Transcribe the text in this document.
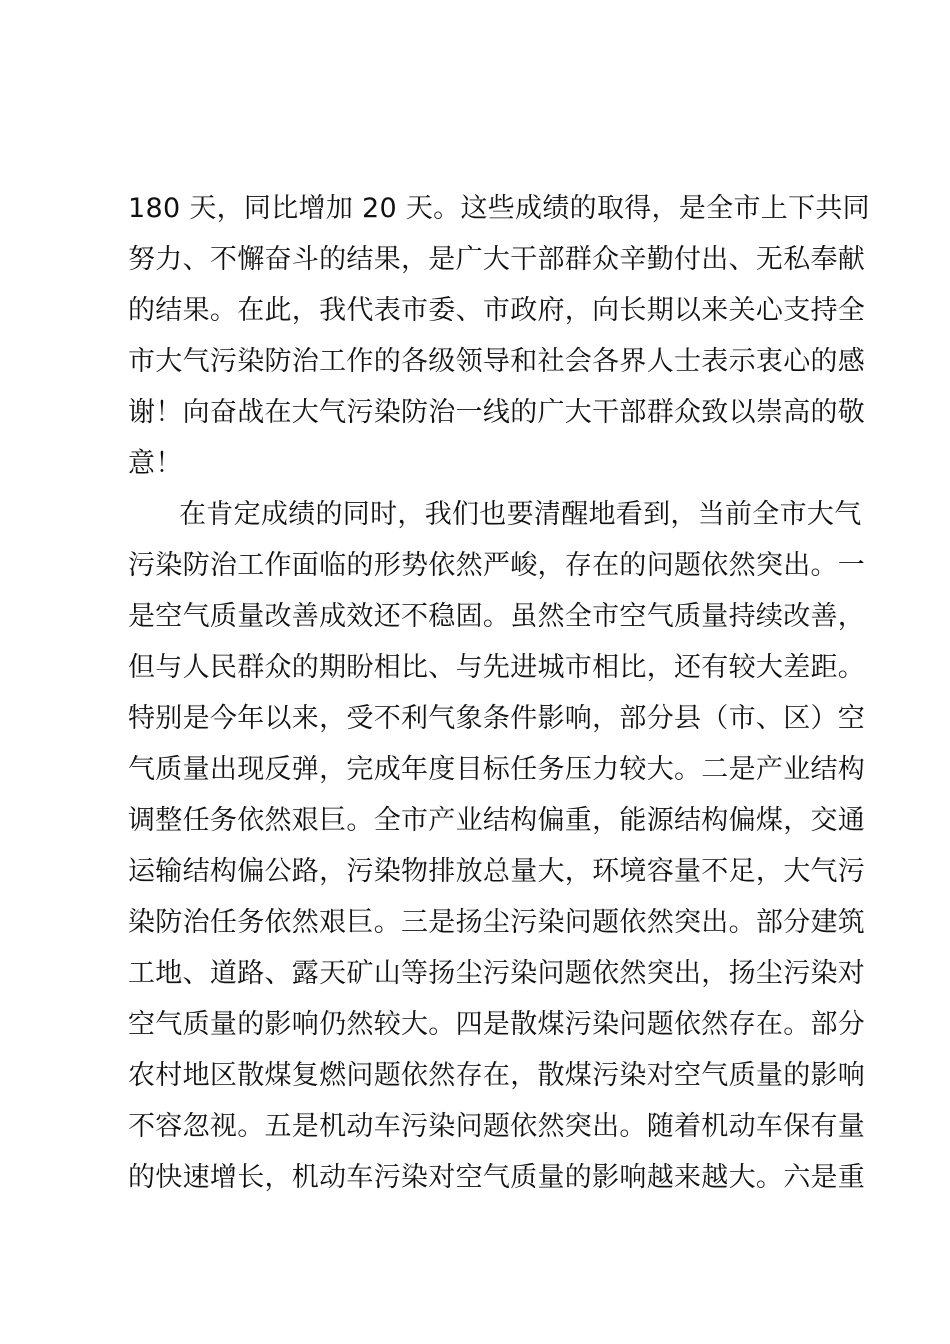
180 天，同比增加 20 天。这些成绩的取得，是全市上下共同
努力、不懈奋斗的结果，是广大干部群众辛勤付出、无私奉献
的结果。在此，我代表市委、市政府，向长期以来关心支持全
市大气污染防治工作的各级领导和社会各界人士表示衷心的感
谢！向奋战在大气污染防治一线的广大干部群众致以崇高的敬
意！
在肯定成绩的同时，我们也要清醒地看到，当前全市大气
污染防治工作面临的形势依然严峻，存在的问题依然突出。一
是空气质量改善成效还不稳固。虽然全市空气质量持续改善，
但与人民群众的期盼相比、与先进城市相比，还有较大差距。
特别是今年以来，受不利气象条件影响，部分县（市、区）空
气质量出现反弹，完成年度目标任务压力较大。二是产业结构
调整任务依然艰巨。全市产业结构偏重，能源结构偏煤，交通
运输结构偏公路，污染物排放总量大，环境容量不足，大气污
染防治任务依然艰巨。三是扬尘污染问题依然突出。部分建筑
工地、道路、露天矿山等扬尘污染问题依然突出，扬尘污染对
空气质量的影响仍然较大。四是散煤污染问题依然存在。部分
农村地区散煤复燃问题依然存在，散煤污染对空气质量的影响
不容忽视。五是机动车污染问题依然突出。随着机动车保有量
的快速增长，机动车污染对空气质量的影响越来越大。六是重
